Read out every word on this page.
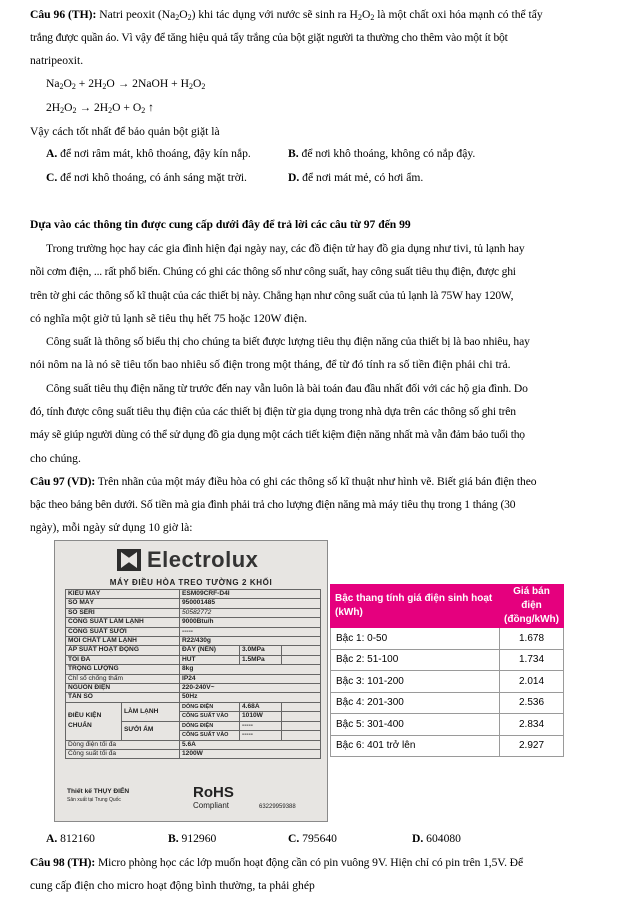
Câu 96 (TH): Natri peoxit $(Na_2O_2)$ khi tác dụng với nước sẽ sinh ra $H_2O_2$ là một chất oxi hóa mạnh có thể tẩy
trắng được quần áo. Vì vậy để tăng hiệu quả tẩy trắng của bột giặt người ta thường cho thêm vào một ít bột
natripeoxit.
$Na_2O_2 + 2H_2O$ → 2NaOH + $H_2O_2$
$2H_2O_2 \to 2H_2O + O_2$ ↑
Vậy cách tốt nhất để bảo quản bột giặt là
A. để nơi râm mát, khô thoáng, đậy kín nắp.	B. để nơi khô thoáng, không có nắp đậy.
C. để nơi khô thoáng, có ánh sáng mặt trời.	D. để nơi mát mẻ, có hơi ẩm.
Dựa vào các thông tin được cung cấp dưới đây để trả lời các câu từ 97 đến 99
Trong trường học hay các gia đình hiện đại ngày nay, các đồ điện tử hay đồ gia dụng như tivi, tủ lạnh hay
nồi cơm điện, ... rất phổ biến. Chúng có ghi các thông số như công suất, hay công suất tiêu thụ điện, được ghi
trên tờ ghi các thông số kĩ thuật của các thiết bị này. Chẳng hạn như công suất của tủ lạnh là 75W hay 120W,
có nghĩa một giờ tủ lạnh sẽ tiêu thụ hết 75 hoặc 120W điện.
Công suất là thông số biểu thị cho chúng ta biết được lượng tiêu thụ điện năng của thiết bị là bao nhiêu, hay
nói nôm na là nó sẽ tiêu tốn bao nhiêu số điện trong một tháng, để từ đó tính ra số tiền điện phải chi trả.
Công suất tiêu thụ điện năng từ trước đến nay vẫn luôn là bài toán đau đầu nhất đối với các hộ gia đình. Do
đó, tính được công suất tiêu thụ điện của các thiết bị điện từ gia dụng trong nhà dựa trên các thông số ghi trên
máy sẽ giúp người dùng có thể sử dụng đồ gia dụng một cách tiết kiệm điện năng nhất mà vẫn đảm bảo tuổi thọ
cho chúng.
Câu 97 (VD): Trên nhãn của một máy điều hòa có ghi các thông số kĩ thuật như hình vẽ. Biết giá bán điện theo
bậc theo bảng bên dưới. Số tiền mà gia đình phải trả cho lượng điện năng mà máy tiêu thụ trong 1 tháng (30
ngày), mỗi ngày sử dụng 10 giờ là:
Electrolux
MÁY ĐIỀU HÒA TREO TƯỜNG 2 KHỐI
KIỂU MÁY		ESM09CRF-D4I		
SỐ MÁY		950001485		
SỐ SÊRI		50582772		
CÔNG SUẤT LÀM LẠNH		9000Btu/h		
CÔNG SUẤT SƯỞI		-----		
MÔI CHẤT LÀM LẠNH		R22/430g		
ÁP SUẤT HOẠT ĐỘNG		ĐẨY (NÉN)	3.0MPa	
TỐI ĐA		HÚT	1.5MPa	
TRỌNG LƯỢNG		8kg		
Chỉ số chống thấm		IP24		
NGUỒN ĐIỆN		220-240V~		
TẦN SỐ		50Hz		
ĐIỀU KIỆN CHUẨN	LÀM LẠNH	DÒNG ĐIỆN	4.68A	
		CÔNG SUẤT VÀO	1010W	
	SƯỞI ẤM	DÒNG ĐIỆN	-----	
		CÔNG SUẤT VÀO	-----	
Dòng điện tối đa		5.6A		
Công suất tối đa		1200W		
Thiết kế THỤY ĐIỂN
Sản xuất tại Trung Quốc	RoHS
Compliant	63229959388
Bậc thang tính giá điện sinh hoạt (kWh)	Giá bán điện (đồng/kWh)
Bậc 1: 0-50	1.678
Bậc 2: 51-100	1.734
Bậc 3: 101-200	2.014
Bậc 4: 201-300	2.536
Bậc 5: 301-400	2.834
Bậc 6: 401 trở lên	2.927
A. 812160	B. 912960	C. 795640	D. 604080
Câu 98 (TH): Micro phòng học các lớp muốn hoạt động cần có pin vuông 9V. Hiện chỉ có pin trên 1,5V. Để
cung cấp điện cho micro hoạt động bình thường, ta phải ghép
